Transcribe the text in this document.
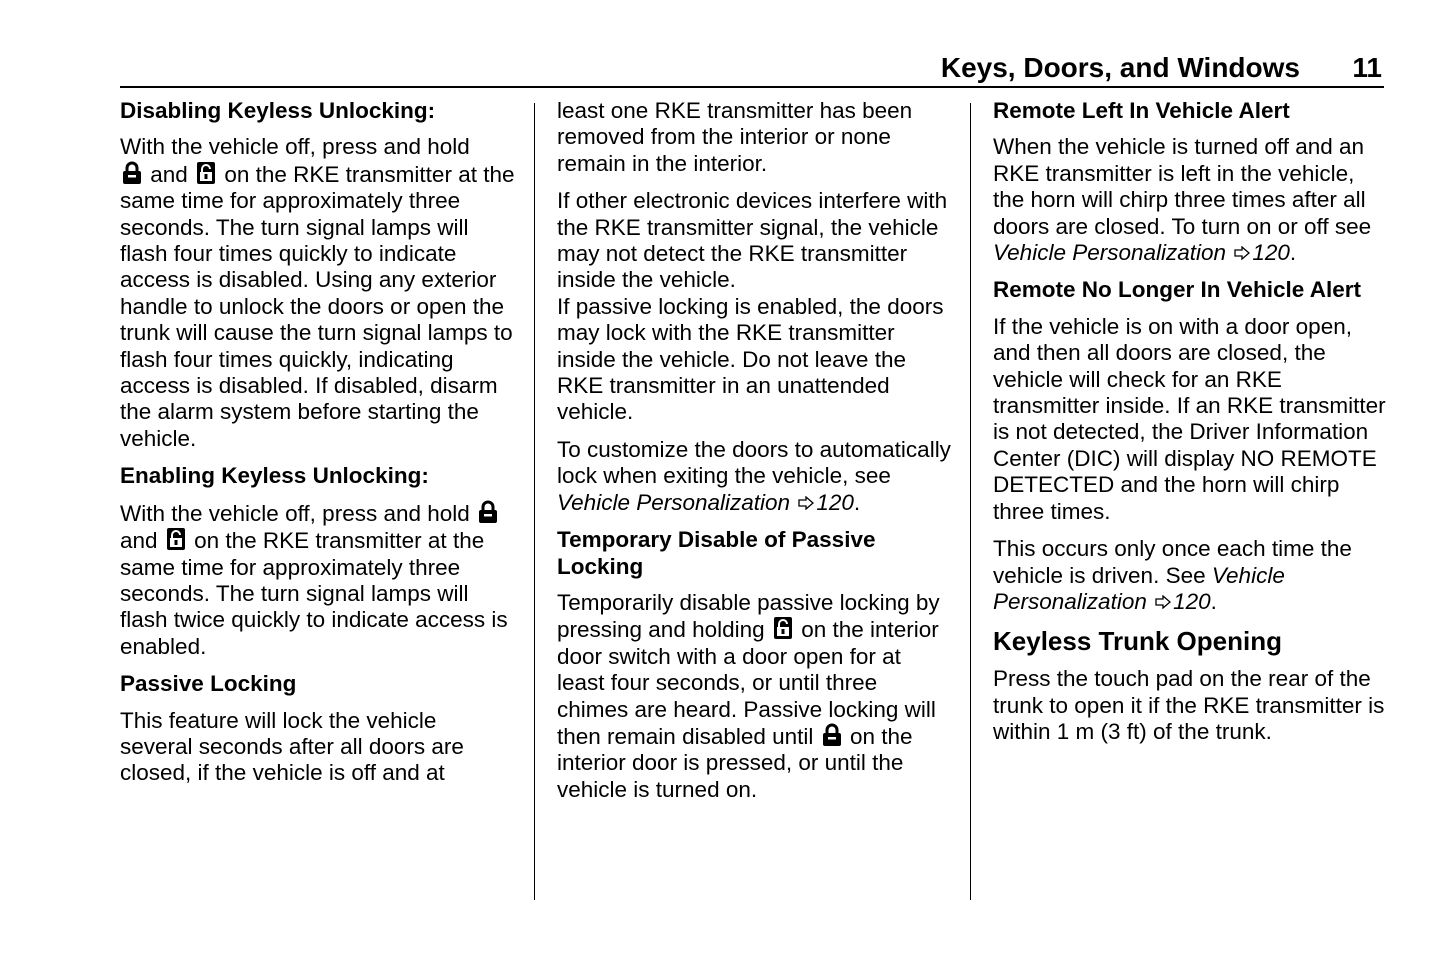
Keys, Doors, and Windows 11
Disabling Keyless Unlocking:

With the vehicle off, press and hold
and on the RKE transmitter at the same time for approximately three seconds. The turn signal lamps will flash four times quickly to indicate access is disabled. Using any exterior handle to unlock the doors or open the trunk will cause the turn signal lamps to flash four times quickly, indicating access is disabled. If disabled, disarm the alarm system before starting the vehicle.

Enabling Keyless Unlocking:

With the vehicle off, press and hold  and on the RKE transmitter at the same time for approximately three seconds. The turn signal lamps will flash twice quickly to indicate access is enabled.

Passive Locking

This feature will lock the vehicle several seconds after all doors are closed, if the vehicle is off and at

least one RKE transmitter has been removed from the interior or none remain in the interior.

If other electronic devices interfere with the RKE transmitter signal, the vehicle may not detect the RKE transmitter inside the vehicle.

If passive locking is enabled, the doors may lock with the RKE transmitter inside the vehicle. Do not leave the RKE transmitter in an unattended vehicle.

To customize the doors to automatically lock when exiting the vehicle, see Vehicle Personalization 120.

Temporary Disable of Passive Locking

Temporarily disable passive locking by pressing and holding on the interior door switch with a door open for at least four seconds, or until three chimes are heard. Passive locking will then remain disabled until on the interior door is pressed, or until the vehicle is turned on.

Remote Left In Vehicle Alert

When the vehicle is turned off and an RKE transmitter is left in the vehicle, the horn will chirp three times after all doors are closed. To turn on or off see Vehicle Personalization 120.

Remote No Longer In Vehicle Alert

If the vehicle is on with a door open, and then all doors are closed, the vehicle will check for an RKE transmitter inside. If an RKE transmitter is not detected, the Driver Information Center (DIC) will display NO REMOTE DETECTED and the horn will chirp three times.

This occurs only once each time the vehicle is driven. See Vehicle Personalization 120.

Keyless Trunk Opening

Press the touch pad on the rear of the trunk to open it if the RKE transmitter is within 1 m (3 ft) of the trunk.
